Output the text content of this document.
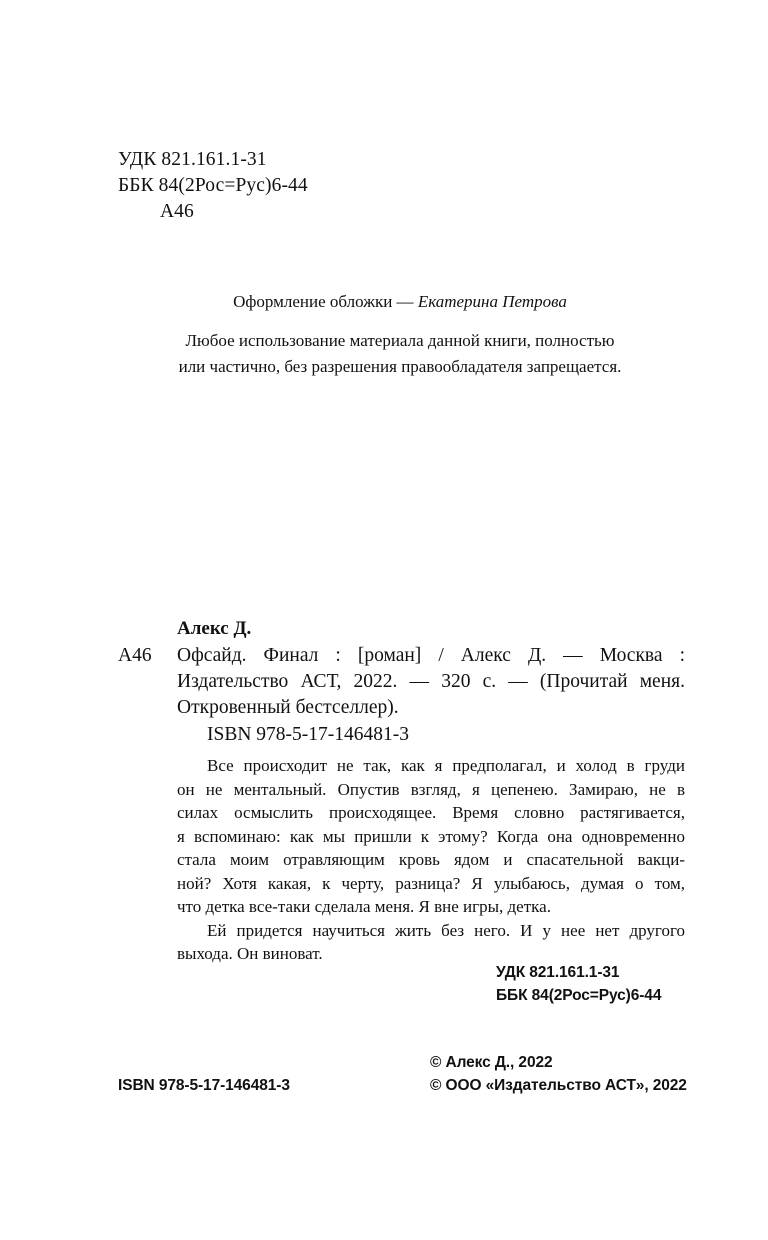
УДК 821.161.1-31
ББК 84(2Рос=Рус)6-44
А46
Оформление обложки — Екатерина Петрова
Любое использование материала данной книги, полностью
или частично, без разрешения правообладателя запрещается.
Алекс Д.
А46 Офсайд. Финал : [роман] / Алекс Д. — Москва :
Издательство АСТ, 2022. — 320 с. — (Прочитай меня.
Откровенный бестселлер).
ISBN 978-5-17-146481-3
Все происходит не так, как я предполагал, и холод в груди
он не ментальный. Опустив взгляд, я цепенею. Замираю, не в
силах осмыслить происходящее. Время словно растягивается,
я вспоминаю: как мы пришли к этому? Когда она одновременно
стала моим отравляющим кровь ядом и спасательной вакци-
ной? Хотя какая, к черту, разница? Я улыбаюсь, думая о том,
что детка все-таки сделала меня. Я вне игры, детка.
Ей придется научиться жить без него. И у нее нет другого
выхода. Он виноват.
УДК 821.161.1-31
ББК 84(2Рос=Рус)6-44
ISBN 978-5-17-146481-3
© Алекс Д., 2022
© ООО «Издательство АСТ», 2022
